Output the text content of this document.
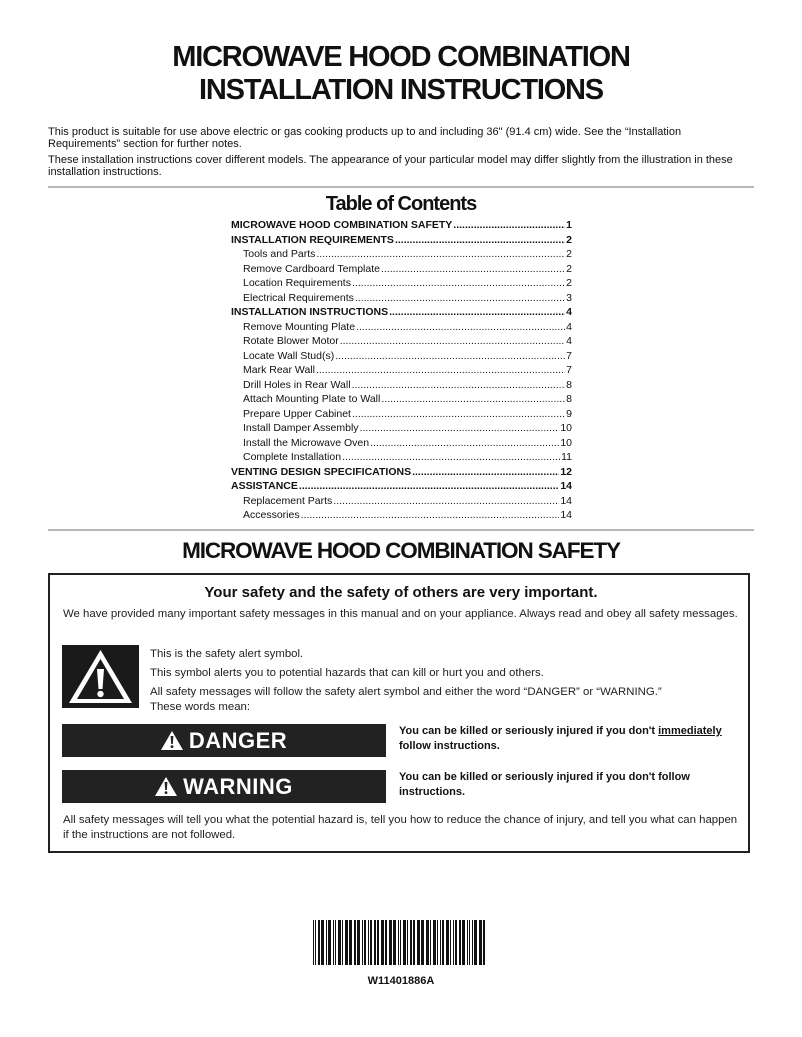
MICROWAVE HOOD COMBINATION
INSTALLATION INSTRUCTIONS
This product is suitable for use above electric or gas cooking products up to and including 36" (91.4 cm) wide. See the “Installation Requirements” section for further notes.
These installation instructions cover different models. The appearance of your particular model may differ slightly from the illustration in these installation instructions.
Table of Contents
MICROWAVE HOOD COMBINATION SAFETY .....	1
INSTALLATION REQUIREMENTS .....	2
Tools and Parts .....	2
Remove Cardboard Template .....	2
Location Requirements .....	2
Electrical Requirements .....	3
INSTALLATION INSTRUCTIONS .....	4
Remove Mounting Plate .....	4
Rotate Blower Motor .....	4
Locate Wall Stud(s) .....	7
Mark Rear Wall .....	7
Drill Holes in Rear Wall .....	8
Attach Mounting Plate to Wall .....	8
Prepare Upper Cabinet .....	9
Install Damper Assembly .....	10
Install the Microwave Oven .....	10
Complete Installation .....	11
VENTING DESIGN SPECIFICATIONS .....	12
ASSISTANCE .....	14
Replacement Parts .....	14
Accessories .....	14
MICROWAVE HOOD COMBINATION SAFETY
Your safety and the safety of others are very important.
We have provided many important safety messages in this manual and on your appliance. Always read and obey all safety messages.
This is the safety alert symbol.
This symbol alerts you to potential hazards that can kill or hurt you and others.
All safety messages will follow the safety alert symbol and either the word “DANGER” or “WARNING.” These words mean:
DANGER	You can be killed or seriously injured if you don't immediately follow instructions.
WARNING	You can be killed or seriously injured if you don't follow instructions.
All safety messages will tell you what the potential hazard is, tell you how to reduce the chance of injury, and tell you what can happen if the instructions are not followed.
W11401886A
